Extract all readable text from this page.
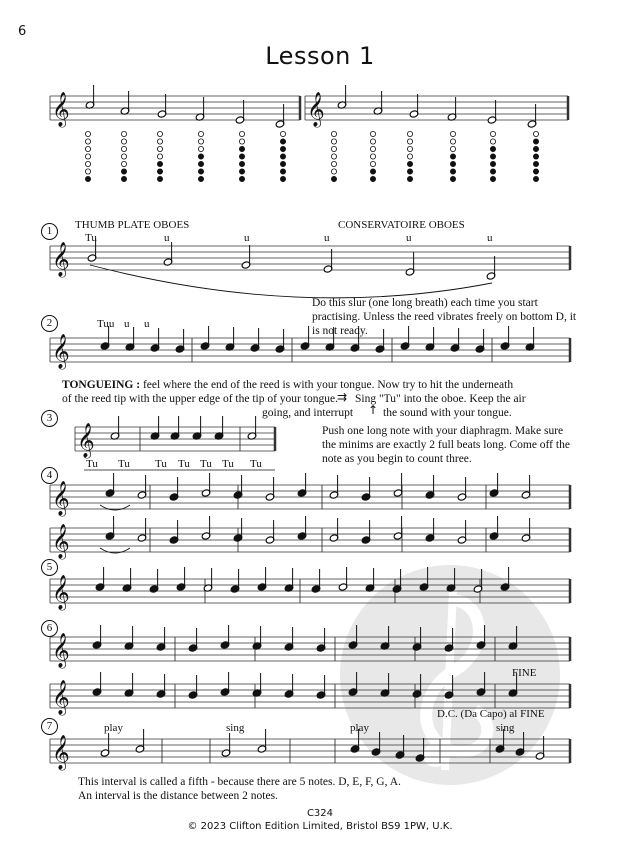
6
Lesson 1
𝄞	𝄞
𝄞
𝄞
𝄞
𝄞
𝄞
𝄞
𝄞
𝄞
𝄞
1	THUMB PLATE OBOES	CONSERVATOIRE OBOES
Tu	u	u	u	u	u
Do this slur (one long breath) each time you start practising. Unless the reed vibrates freely on bottom D, it is not ready.
2	Tuu u u
TONGUEING : feel where the end of the reed is with your tongue. Now try to hit the underneath
of the reed tip with the upper edge of the tip of your tongue. Sing "Tu" into the oboe. Keep the air
⇉
going, and interrupt ↑ the sound with your tongue.
3
Push one long note with your diaphragm. Make sure the minims are exactly 2 full beats long. Come off the note as you begin to count three.
Tu Tu Tu Tu Tu Tu Tu
4
5
6
FINE
D.C. (Da Capo) al FINE
7	play	sing	play	sing
This interval is called a fifth - because there are 5 notes. D, E, F, G, A.
An interval is the distance between 2 notes.
C324
© 2023 Clifton Edition Limited, Bristol BS9 1PW, U.K.
